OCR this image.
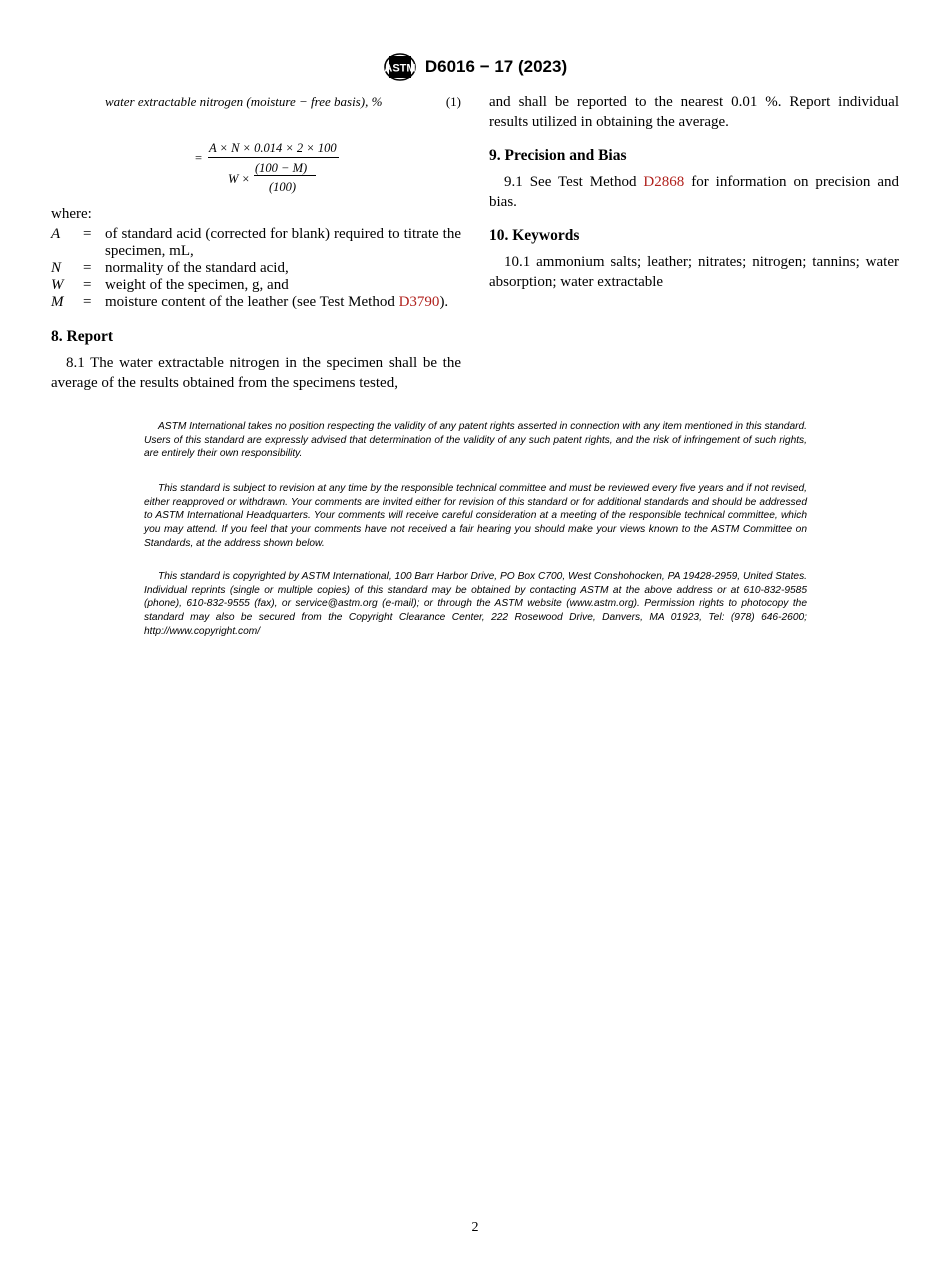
ASTM D6016 − 17 (2023)
water extractable nitrogen (moisture − free basis), %	(1)
=
A × N × 0.014 × 2 × 100
W ×
(100 − M)
(100)
where:
A	=	of standard acid (corrected for blank) required to titrate the specimen, mL,
N	=	normality of the standard acid,
W	=	weight of the specimen, g, and
M	=	moisture content of the leather (see Test Method D3790).
8. Report
8.1 The water extractable nitrogen in the specimen shall be the average of the results obtained from the specimens tested,
and shall be reported to the nearest 0.01 %. Report individual results utilized in obtaining the average.
9. Precision and Bias
9.1 See Test Method D2868 for information on precision and bias.
10. Keywords
10.1 ammonium salts; leather; nitrates; nitrogen; tannins; water absorption; water extractable

ASTM International takes no position respecting the validity of any patent rights asserted in connection with any item mentioned in this standard. Users of this standard are expressly advised that determination of the validity of any such patent rights, and the risk of infringement of such rights, are entirely their own responsibility.

This standard is subject to revision at any time by the responsible technical committee and must be reviewed every five years and if not revised, either reapproved or withdrawn. Your comments are invited either for revision of this standard or for additional standards and should be addressed to ASTM International Headquarters. Your comments will receive careful consideration at a meeting of the responsible technical committee, which you may attend. If you feel that your comments have not received a fair hearing you should make your views known to the ASTM Committee on Standards, at the address shown below.

This standard is copyrighted by ASTM International, 100 Barr Harbor Drive, PO Box C700, West Conshohocken, PA 19428-2959, United States. Individual reprints (single or multiple copies) of this standard may be obtained by contacting ASTM at the above address or at 610-832-9585 (phone), 610-832-9555 (fax), or service@astm.org (e-mail); or through the ASTM website (www.astm.org). Permission rights to photocopy the standard may also be secured from the Copyright Clearance Center, 222 Rosewood Drive, Danvers, MA 01923, Tel: (978) 646-2600; http://www.copyright.com/

2
